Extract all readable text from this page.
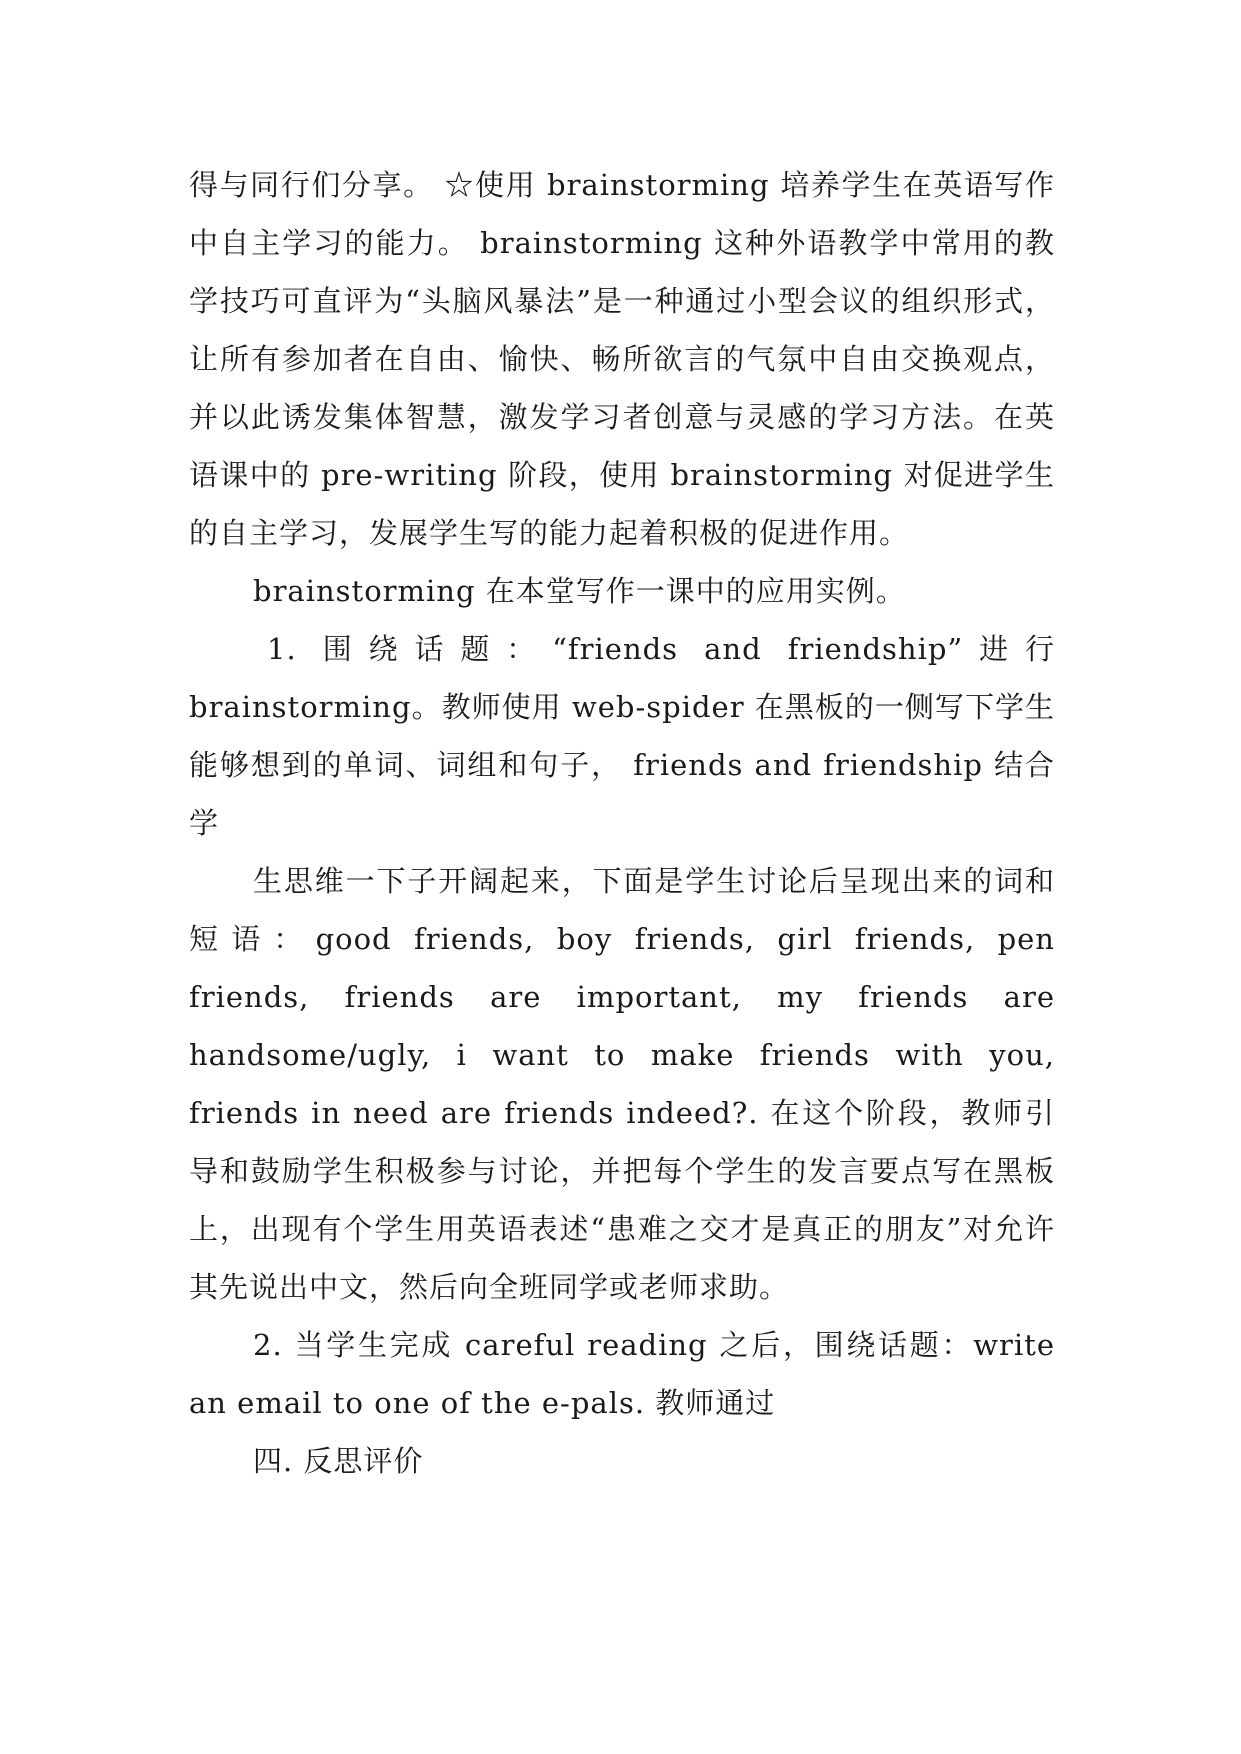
得与同行们分享。 ☆使用 brainstorming 培养学生在英语写作中自主学习的能力。 brainstorming 这种外语教学中常用的教学技巧可直评为“头脑风暴法”是一种通过小型会议的组织形式，让所有参加者在自由、愉快、畅所欲言的气氛中自由交换观点，并以此诱发集体智慧，激发学习者创意与灵感的学习方法。在英语课中的 pre-writing 阶段，使用 brainstorming 对促进学生的自主学习，发展学生写的能力起着积极的促进作用。

brainstorming 在本堂写作一课中的应用实例。

1. 围绕话题：“friends and friendship”进行 brainstorming。教师使用 web-spider 在黑板的一侧写下学生能够想到的单词、词组和句子， friends and friendship 结合学

生思维一下子开阔起来，下面是学生讨论后呈现出来的词和短语：good friends, boy friends, girl friends, pen friends, friends are important, my friends are handsome/ugly, i want to make friends with you, friends in need are friends indeed?. 在这个阶段，教师引导和鼓励学生积极参与讨论，并把每个学生的发言要点写在黑板上，出现有个学生用英语表述“患难之交才是真正的朋友”对允许其先说出中文，然后向全班同学或老师求助。

2. 当学生完成 careful reading 之后，围绕话题：write an email to one of the e-pals. 教师通过

四. 反思评价
